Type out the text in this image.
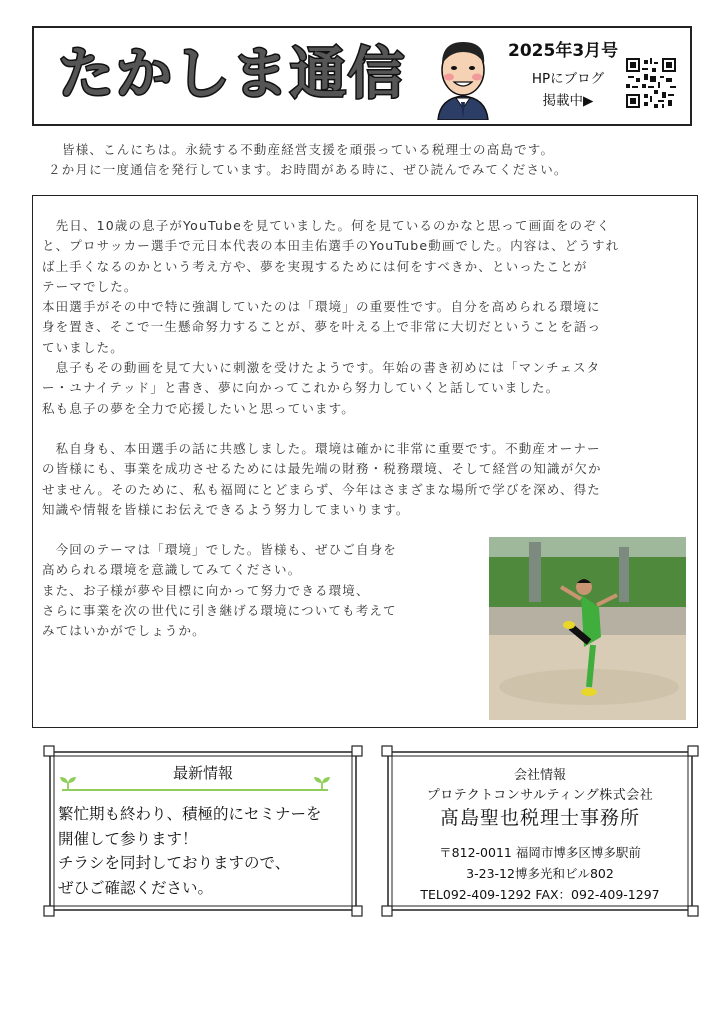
たかしま通信	2025年3月号
HPにブログ
掲載中▶

皆様、こんにちは。永続する不動産経営支援を頑張っている税理士の高島です。

２か月に一度通信を発行しています。お時間がある時に、ぜひ読んでみてください。

　先日、10歳の息子がYouTubeを見ていました。何を見ているのかなと思って画面をのぞく

と、プロサッカー選手で元日本代表の本田圭佑選手のYouTube動画でした。内容は、どうすれ

ば上手くなるのかという考え方や、夢を実現するためには何をすべきか、といったことが

テーマでした。

本田選手がその中で特に強調していたのは「環境」の重要性です。自分を高められる環境に

身を置き、そこで一生懸命努力することが、夢を叶える上で非常に大切だということを語っ

ていました。

　息子もその動画を見て大いに刺激を受けたようです。年始の書き初めには「マンチェスタ

ー・ユナイテッド」と書き、夢に向かってこれから努力していくと話していました。

私も息子の夢を全力で応援したいと思っています。

　私自身も、本田選手の話に共感しました。環境は確かに非常に重要です。不動産オーナー

の皆様にも、事業を成功させるためには最先端の財務・税務環境、そして経営の知識が欠か

せません。そのために、私も福岡にとどまらず、今年はさまざまな場所で学びを深め、得た

知識や情報を皆様にお伝えできるよう努力してまいります。

　今回のテーマは「環境」でした。皆様も、ぜひご自身を

高められる環境を意識してみてください。

また、お子様が夢や目標に向かって努力できる環境、

さらに事業を次の世代に引き継げる環境についても考えて

みてはいかがでしょうか。

最新情報

繁忙期も終わり、積極的にセミナーを

開催して参ります！

チラシを同封しておりますので、

ぜひご確認ください。

会社情報
プロテクトコンサルティング株式会社
髙島聖也税理士事務所

〒812-0011 福岡市博多区博多駅前

3-23-12博多光和ビル802

TEL092-409-1292 FAX：092-409-1297
